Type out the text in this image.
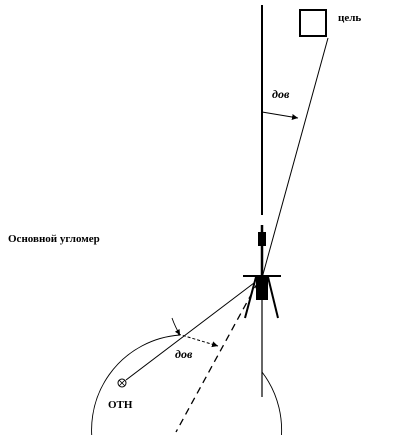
Основной угломер
цель
дов
дов
ОТН
